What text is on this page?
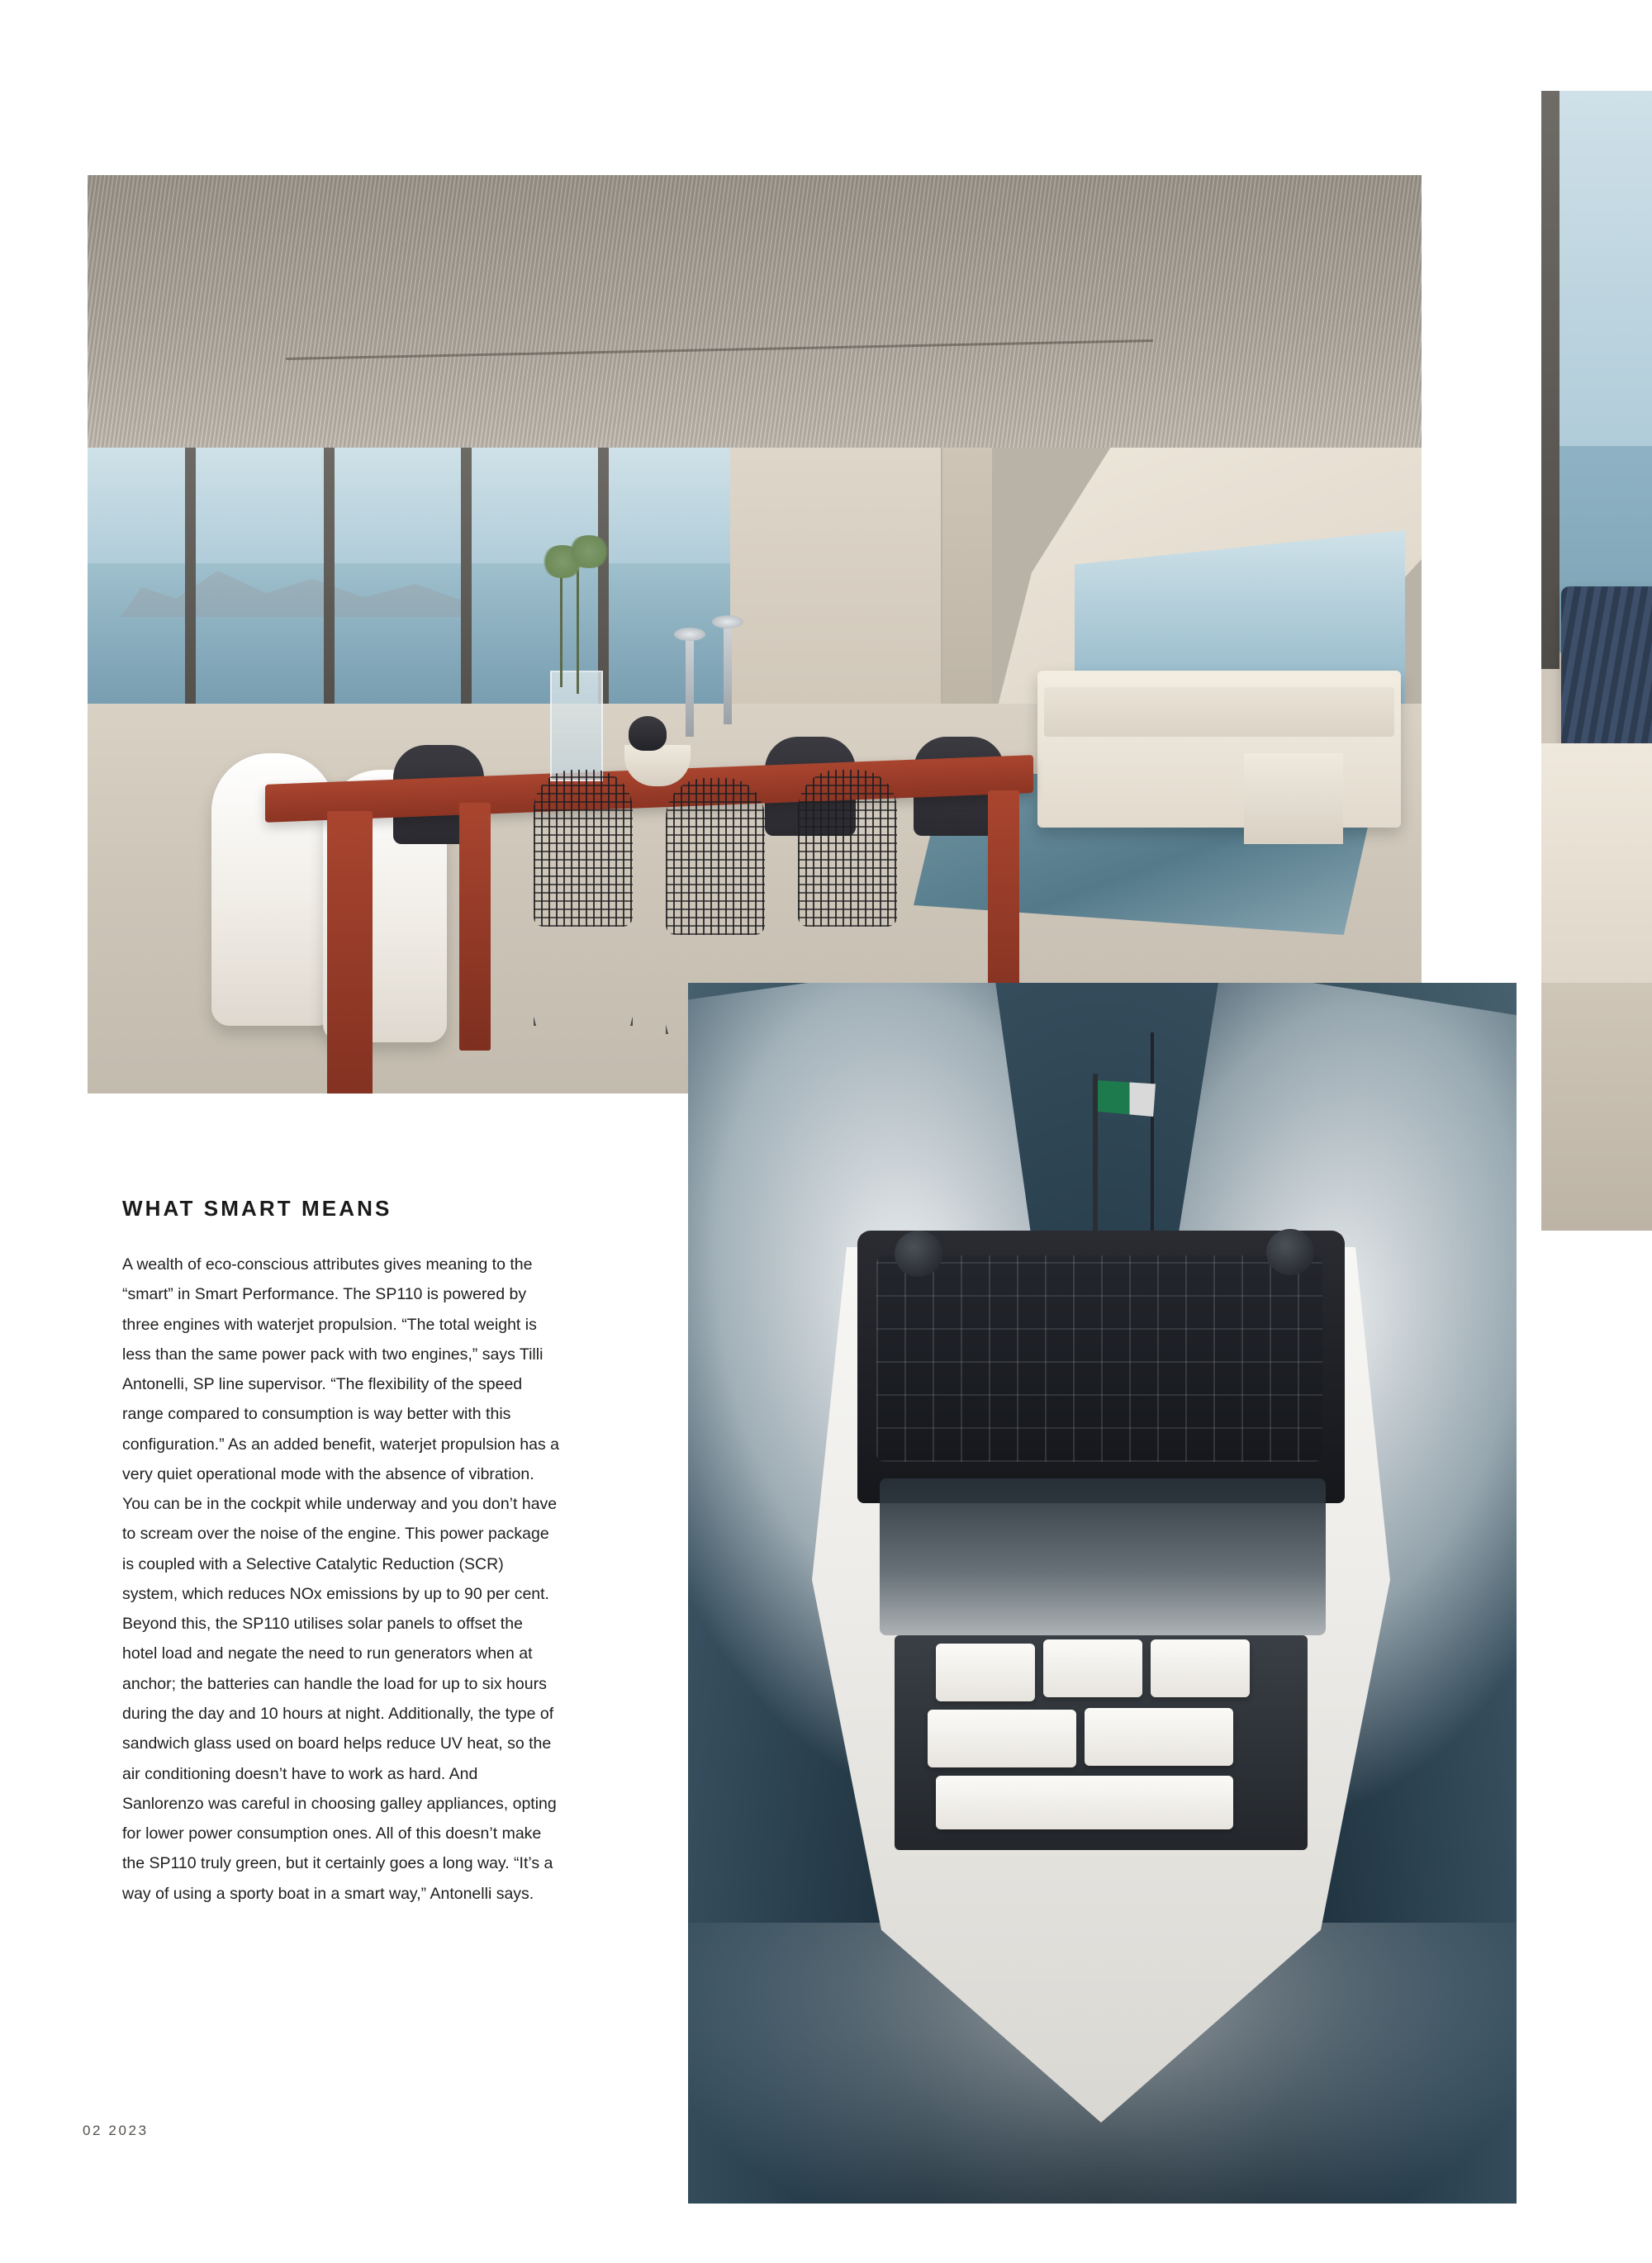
WHAT SMART MEANS

A wealth of eco-conscious attributes gives meaning to the “smart” in Smart Performance. The SP110 is powered by three engines with waterjet propulsion. “The total weight is less than the same power pack with two engines,” says Tilli Antonelli, SP line supervisor. “The flexibility of the speed range compared to consumption is way better with this configuration.” As an added benefit, waterjet propulsion has a very quiet operational mode with the absence of vibration. You can be in the cockpit while underway and you don’t have to scream over the noise of the engine. This power package is coupled with a Selective Catalytic Reduction (SCR) system, which reduces NOx emissions by up to 90 per cent. Beyond this, the SP110 utilises solar panels to offset the hotel load and negate the need to run generators when at anchor; the batteries can handle the load for up to six hours during the day and 10 hours at night. Additionally, the type of sandwich glass used on board helps reduce UV heat, so the air conditioning doesn’t have to work as hard. And Sanlorenzo was careful in choosing galley appliances, opting for lower power consumption ones. All of this doesn’t make the SP110 truly green, but it certainly goes a long way. “It’s a way of using a sporty boat in a smart way,” Antonelli says.

02 2023
